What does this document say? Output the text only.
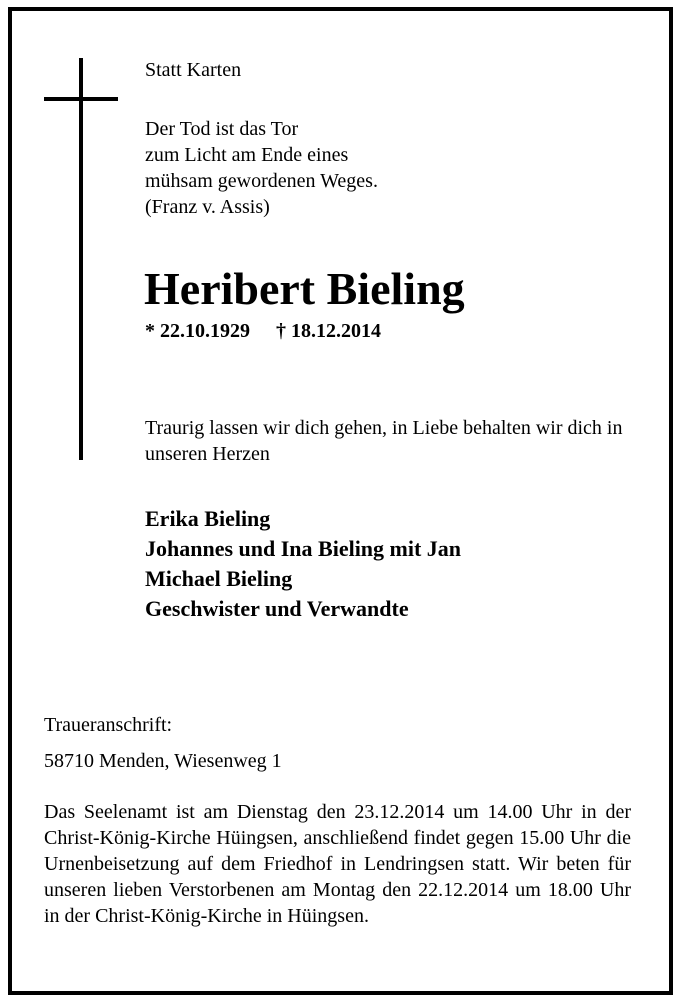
Statt Karten
Der Tod ist das Tor
zum Licht am Ende eines
mühsam gewordenen Weges.
(Franz v. Assis)
Heribert Bieling
* 22.10.1929 † 18.12.2014
Traurig lassen wir dich gehen, in Liebe behalten wir dich in unseren Herzen
Erika Bieling
Johannes und Ina Bieling mit Jan
Michael Bieling
Geschwister und Verwandte
Traueranschrift:
58710 Menden, Wiesenweg 1
Das Seelenamt ist am Dienstag den 23.12.2014 um 14.00 Uhr in der Christ-König-Kirche Hüingsen, anschließend findet gegen 15.00 Uhr die Urnenbeisetzung auf dem Friedhof in Lendringsen statt. Wir beten für unseren lieben Verstorbenen am Montag den 22.12.2014 um 18.00 Uhr in der Christ-König-Kirche in Hüingsen.
